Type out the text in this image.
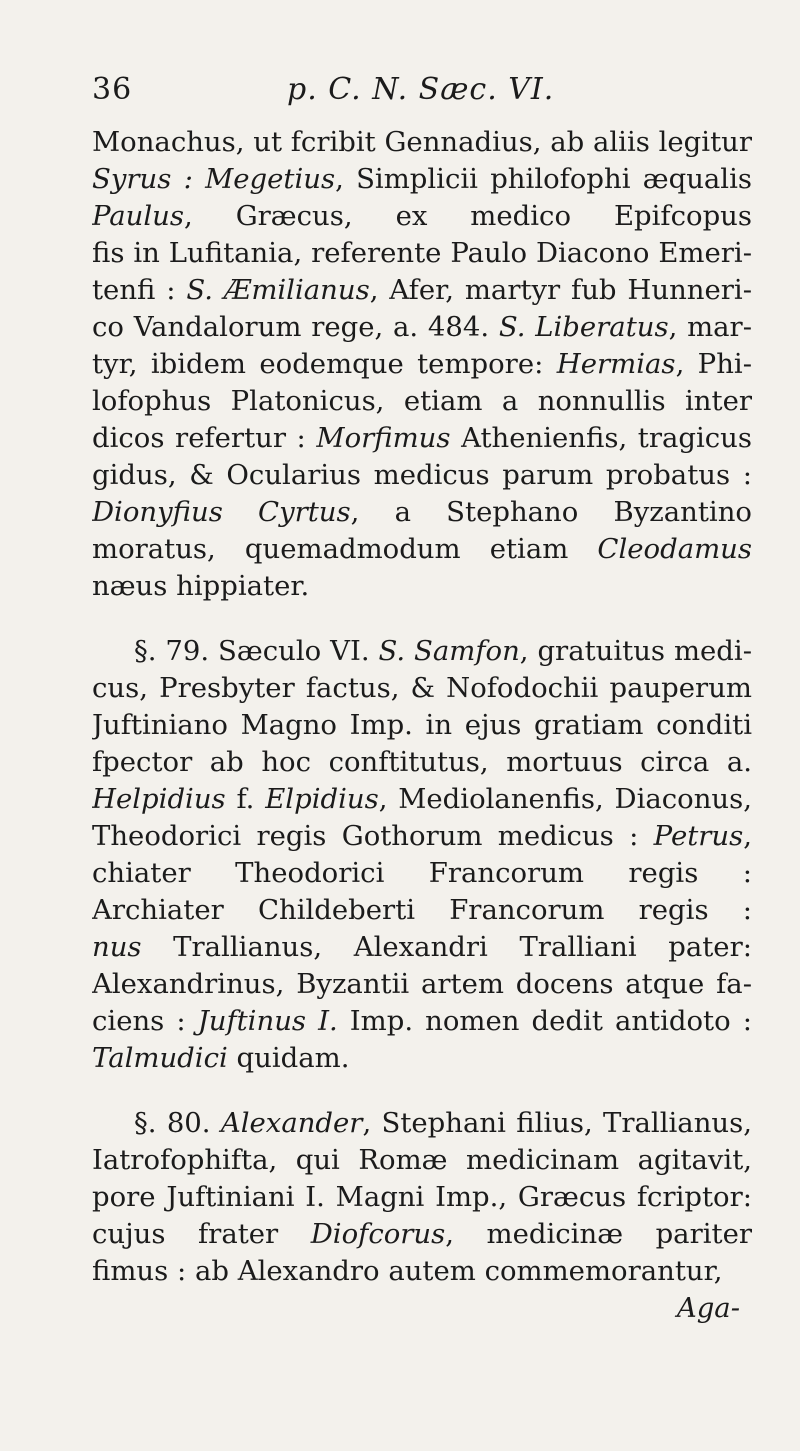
36	p. C. N. Sæc. VI.
Monachus, ut fcribit Gennadius, ab aliis legitur
Syrus : Megetius, Simplicii philofophi æqualis
Paulus, Græcus, ex medico Epifcopus
fis in Lufitania, referente Paulo Diacono Emeri-
tenfi : S. Æmilianus, Afer, martyr fub Hunneri-
co Vandalorum rege, a. 484. S. Liberatus, mar-
tyr, ibidem eodemque tempore: Hermias, Phi-
lofophus Platonicus, etiam a nonnullis inter
dicos refertur : Morfimus Athenienfis, tragicus
gidus, & Ocularius medicus parum probatus :
Dionyfius Cyrtus, a Stephano Byzantino
moratus, quemadmodum etiam Cleodamus
næus hippiater.
§. 79. Sæculo VI. S. Samfon, gratuitus medi-
cus, Presbyter factus, & Nofodochii pauperum
Juftiniano Magno Imp. in ejus gratiam conditi
fpector ab hoc conftitutus, mortuus circa a.
Helpidius f. Elpidius, Mediolanenfis, Diaconus,
Theodorici regis Gothorum medicus : Petrus,
chiater Theodorici Francorum regis :
Archiater Childeberti Francorum regis :
nus Trallianus, Alexandri Tralliani pater:
Alexandrinus, Byzantii artem docens atque fa-
ciens : Juftinus I. Imp. nomen dedit antidoto :
Talmudici quidam.
§. 80. Alexander, Stephani filius, Trallianus,
Iatrofophifta, qui Romæ medicinam agitavit,
pore Juftiniani I. Magni Imp., Græcus fcriptor:
cujus frater Diofcorus, medicinæ pariter
fimus : ab Alexandro autem commemorantur,
Aga-
